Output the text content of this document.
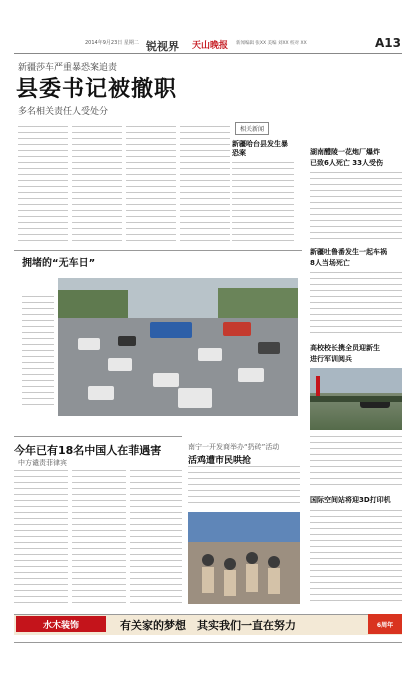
2014年9月23日 星期二 锐视界 天山晚报 新闻编辑 张XX 美编 刘XX 校对 XX	A13
新疆莎车严重暴恐案追责
县委书记被撤职
多名相关责任人受处分
相关新闻
新疆哈台县发生暴恐案	湖南醴陵一花炮厂爆炸
已致6人死亡 33人受伤
新疆吐鲁番发生一起车祸
8人当场死亡
高校校长携全员迎新生
进行军训阅兵
国际空间站将迎3D打印机
拥堵的“无车日”
今年已有18名中国人在菲遇害
中方谴责菲律宾
南宁一开发商举办“扔砖”活动
活鸡遭市民哄抢
水木装饰	有关家的梦想　其实我们一直在努力	6周年
